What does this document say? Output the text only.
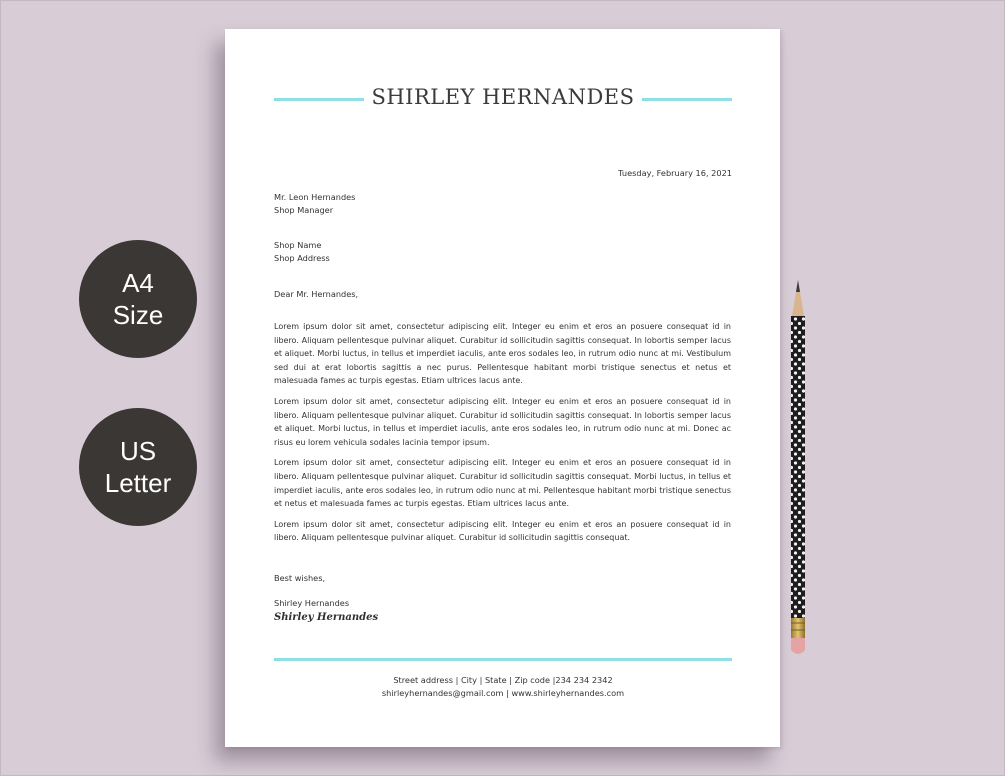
A4
Size
US
Letter
SHIRLEY HERNANDES
Tuesday, February 16, 2021
Mr. Leon Hernandes
Shop Manager
Shop Name
Shop Address
Dear Mr. Hernandes,

Lorem ipsum dolor sit amet, consectetur adipiscing elit. Integer eu enim et eros an posuere consequat id in libero. Aliquam pellentesque pulvinar aliquet. Curabitur id sollicitudin sagittis consequat. In lobortis semper lacus et aliquet. Morbi luctus, in tellus et imperdiet iaculis, ante eros sodales leo, in rutrum odio nunc at mi. Vestibulum sed dui at erat lobortis sagittis a nec purus. Pellentesque habitant morbi tristique senectus et netus et malesuada fames ac turpis egestas. Etiam ultrices lacus ante.

Lorem ipsum dolor sit amet, consectetur adipiscing elit. Integer eu enim et eros an posuere consequat id in libero. Aliquam pellentesque pulvinar aliquet. Curabitur id sollicitudin sagittis consequat. In lobortis semper lacus et aliquet. Morbi luctus, in tellus et imperdiet iaculis, ante eros sodales leo, in rutrum odio nunc at mi. Donec ac risus eu lorem vehicula sodales lacinia tempor ipsum.

Lorem ipsum dolor sit amet, consectetur adipiscing elit. Integer eu enim et eros an posuere consequat id in libero. Aliquam pellentesque pulvinar aliquet. Curabitur id sollicitudin sagittis consequat. Morbi luctus, in tellus et imperdiet iaculis, ante eros sodales leo, in rutrum odio nunc at mi. Pellentesque habitant morbi tristique senectus et netus et malesuada fames ac turpis egestas. Etiam ultrices lacus ante.

Lorem ipsum dolor sit amet, consectetur adipiscing elit. Integer eu enim et eros an posuere consequat id in libero. Aliquam pellentesque pulvinar aliquet. Curabitur id sollicitudin sagittis consequat.

Best wishes,
Shirley Hernandes
Shirley Hernandes
Street address | City | State | Zip code |234 234 2342
shirleyhernandes@gmail.com | www.shirleyhernandes.com
